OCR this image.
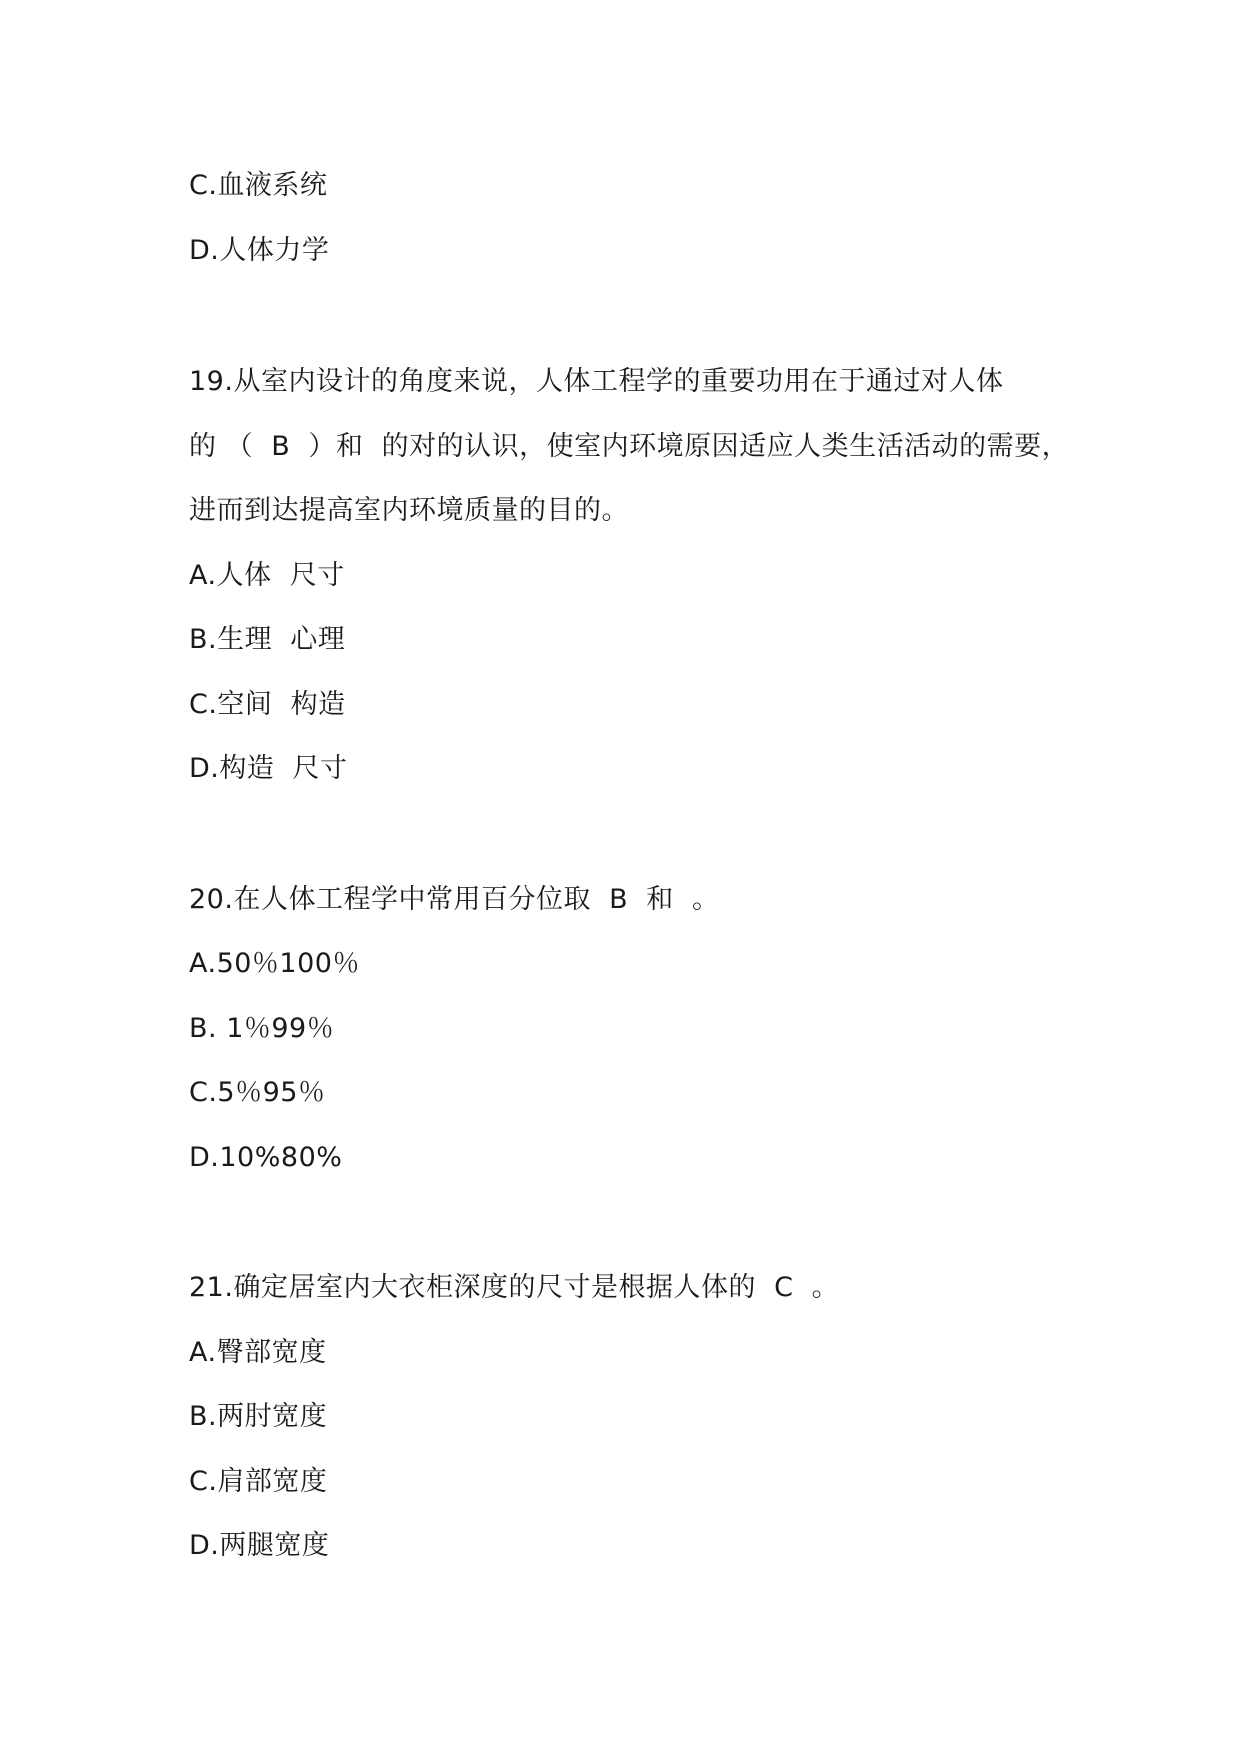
C.血液系统
D.人体力学
19.从室内设计的角度来说，人体工程学的重要功用在于通过对人体
的 （  B  ）和  的对的认识，使室内环境原因适应人类生活活动的需要，
进而到达提高室内环境质量的目的。
A.人体  尺寸
B.生理  心理
C.空间  构造
D.构造  尺寸
20.在人体工程学中常用百分位取  B  和  。
A.50％100％
B. 1％99％
C.5％95％
D.10%80%
21.确定居室内大衣柜深度的尺寸是根据人体的  C  。
A.臀部宽度
B.两肘宽度
C.肩部宽度
D.两腿宽度
